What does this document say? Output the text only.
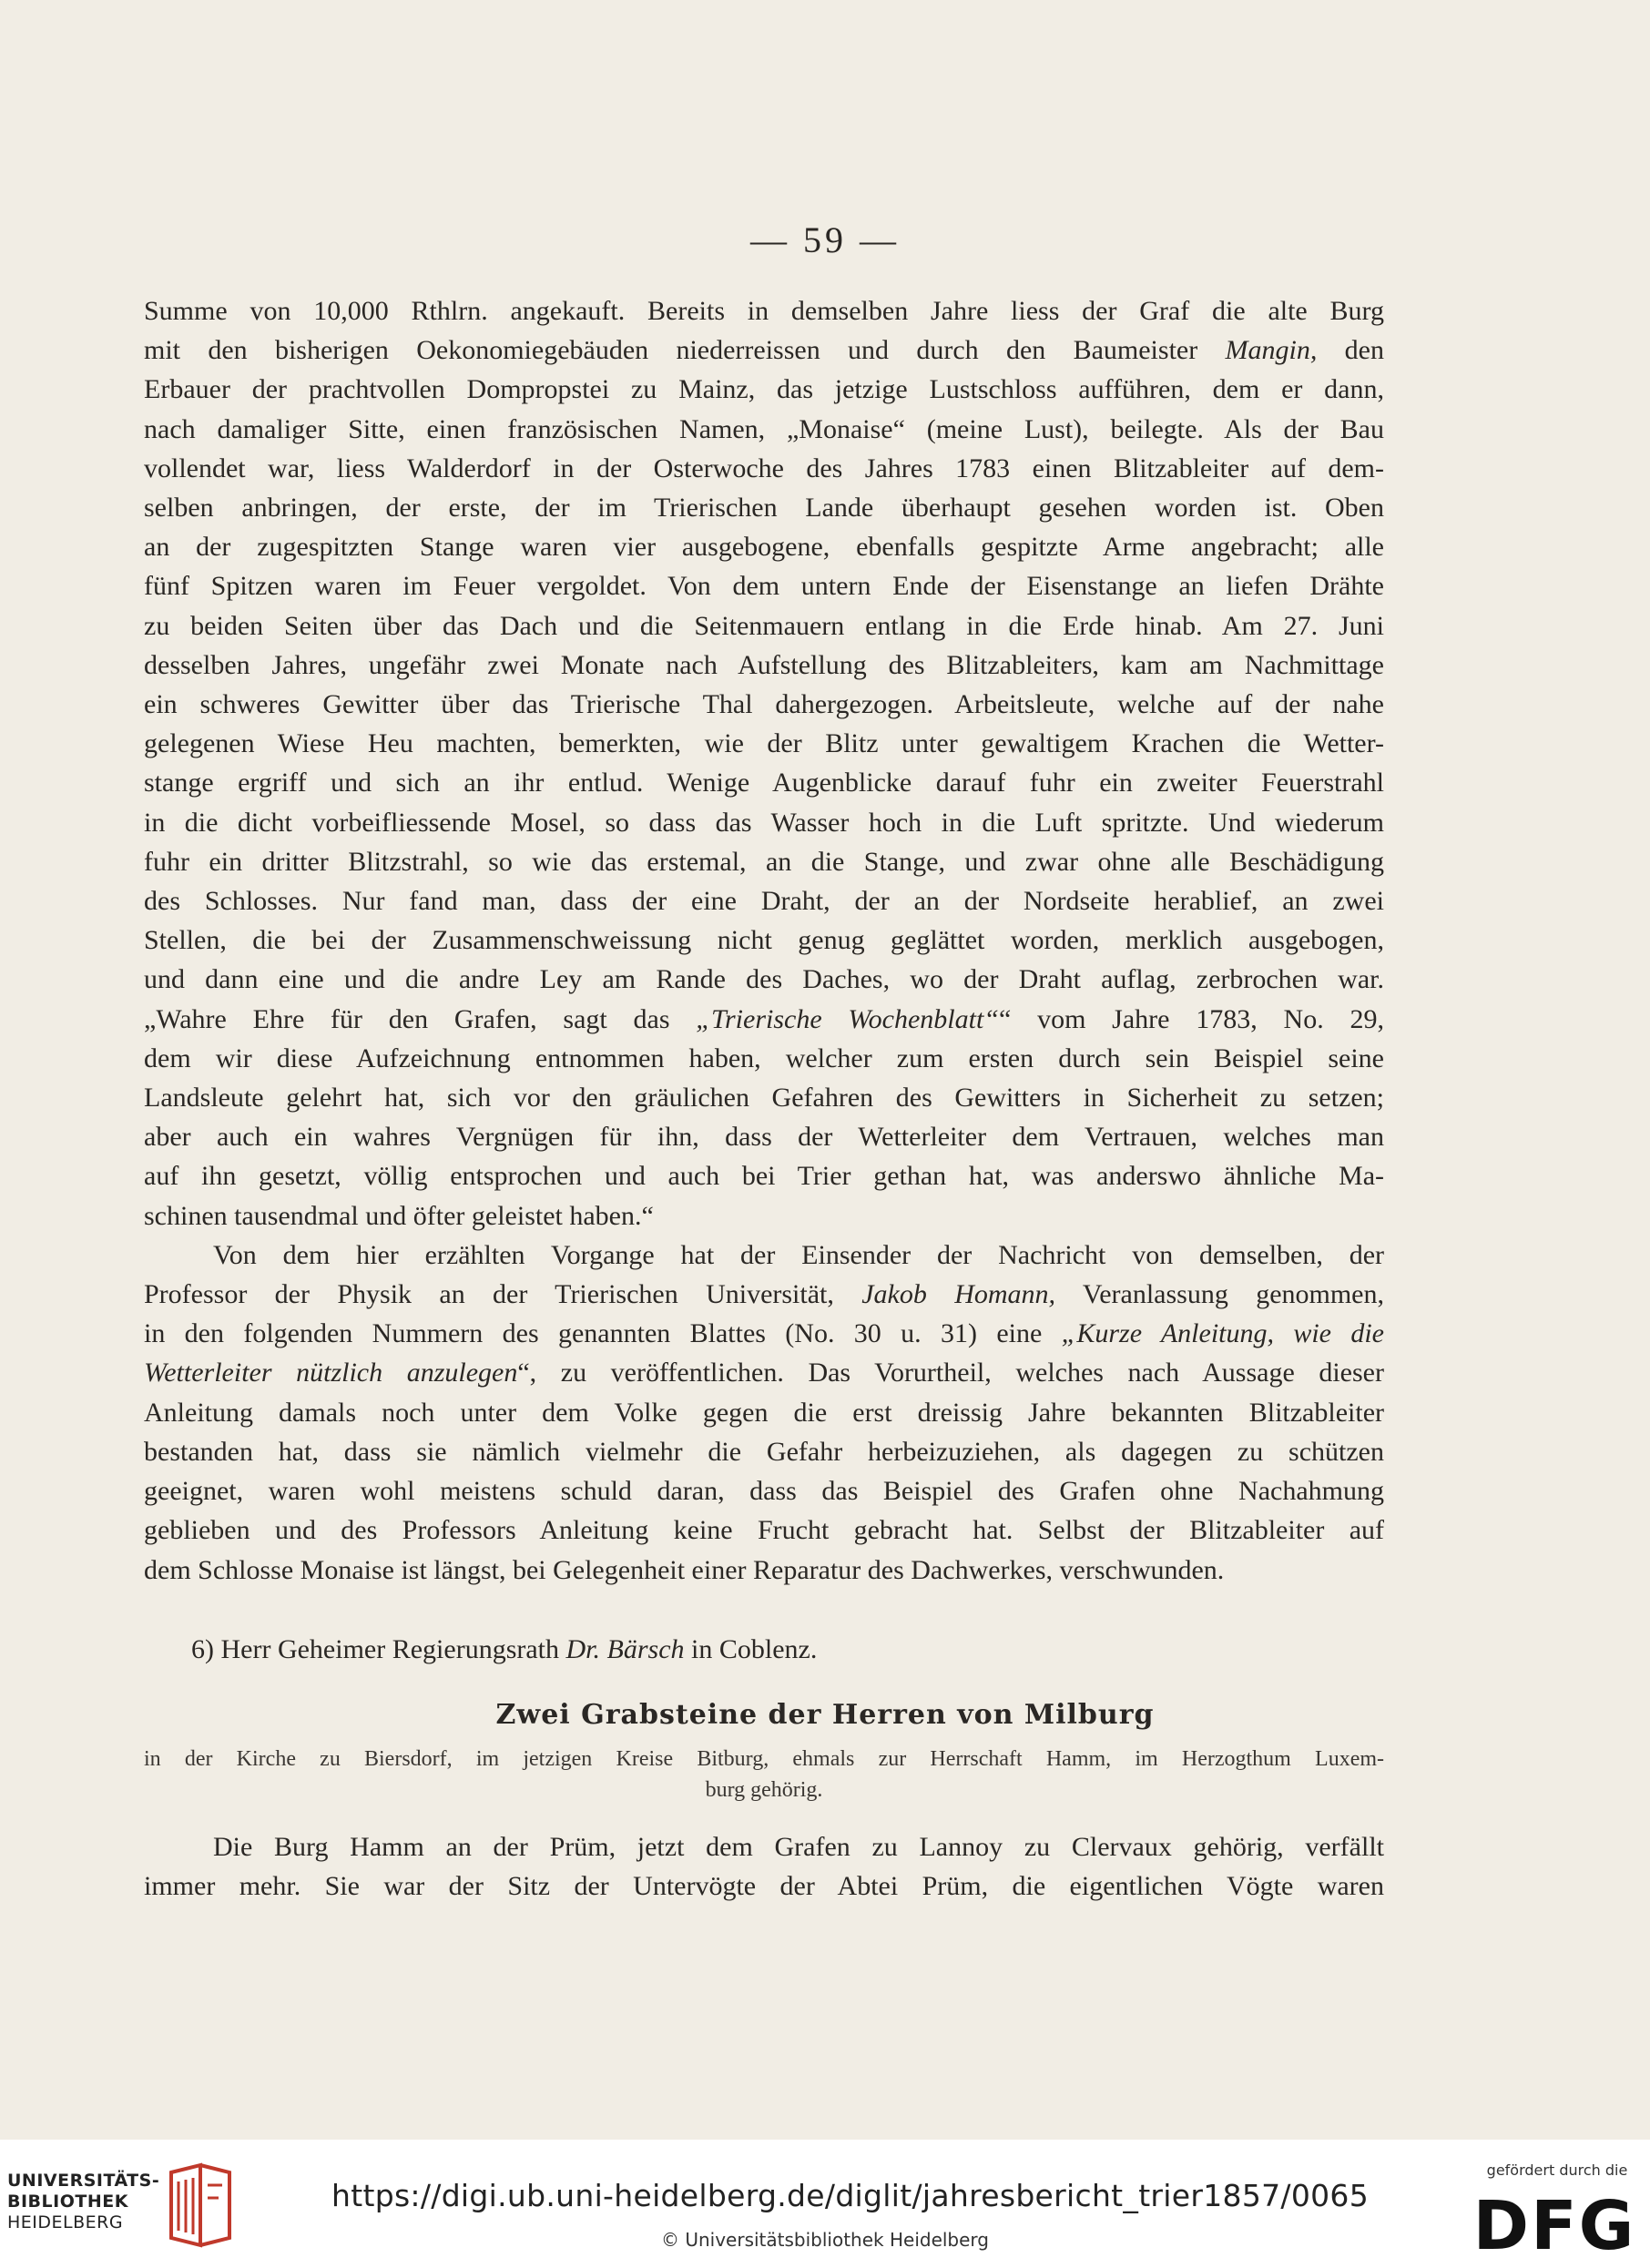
— 59 —
Summe von 10,000 Rthlrn. angekauft. Bereits in demselben Jahre liess der Graf die alte Burg
mit den bisherigen Oekonomiegebäuden niederreissen und durch den Baumeister Mangin, den
Erbauer der prachtvollen Dompropstei zu Mainz, das jetzige Lustschloss aufführen, dem er dann,
nach damaliger Sitte, einen französischen Namen, „Monaise“ (meine Lust), beilegte. Als der Bau
vollendet war, liess Walderdorf in der Osterwoche des Jahres 1783 einen Blitzableiter auf dem-
selben anbringen, der erste, der im Trierischen Lande überhaupt gesehen worden ist. Oben
an der zugespitzten Stange waren vier ausgebogene, ebenfalls gespitzte Arme angebracht; alle
fünf Spitzen waren im Feuer vergoldet. Von dem untern Ende der Eisenstange an liefen Drähte
zu beiden Seiten über das Dach und die Seitenmauern entlang in die Erde hinab. Am 27. Juni
desselben Jahres, ungefähr zwei Monate nach Aufstellung des Blitzableiters, kam am Nachmittage
ein schweres Gewitter über das Trierische Thal dahergezogen. Arbeitsleute, welche auf der nahe
gelegenen Wiese Heu machten, bemerkten, wie der Blitz unter gewaltigem Krachen die Wetter-
stange ergriff und sich an ihr entlud. Wenige Augenblicke darauf fuhr ein zweiter Feuerstrahl
in die dicht vorbeifliessende Mosel, so dass das Wasser hoch in die Luft spritzte. Und wiederum
fuhr ein dritter Blitzstrahl, so wie das erstemal, an die Stange, und zwar ohne alle Beschädigung
des Schlosses. Nur fand man, dass der eine Draht, der an der Nordseite herablief, an zwei
Stellen, die bei der Zusammenschweissung nicht genug geglättet worden, merklich ausgebogen,
und dann eine und die andre Ley am Rande des Daches, wo der Draht auflag, zerbrochen war.
„Wahre Ehre für den Grafen, sagt das „Trierische Wochenblatt““ vom Jahre 1783, No. 29,
dem wir diese Aufzeichnung entnommen haben, welcher zum ersten durch sein Beispiel seine
Landsleute gelehrt hat, sich vor den gräulichen Gefahren des Gewitters in Sicherheit zu setzen;
aber auch ein wahres Vergnügen für ihn, dass der Wetterleiter dem Vertrauen, welches man
auf ihn gesetzt, völlig entsprochen und auch bei Trier gethan hat, was anderswo ähnliche Ma-
schinen tausendmal und öfter geleistet haben.“
Von dem hier erzählten Vorgange hat der Einsender der Nachricht von demselben, der
Professor der Physik an der Trierischen Universität, Jakob Homann, Veranlassung genommen,
in den folgenden Nummern des genannten Blattes (No. 30 u. 31) eine „Kurze Anleitung, wie die
Wetterleiter nützlich anzulegen“, zu veröffentlichen. Das Vorurtheil, welches nach Aussage dieser
Anleitung damals noch unter dem Volke gegen die erst dreissig Jahre bekannten Blitzableiter
bestanden hat, dass sie nämlich vielmehr die Gefahr herbeizuziehen, als dagegen zu schützen
geeignet, waren wohl meistens schuld daran, dass das Beispiel des Grafen ohne Nachahmung
geblieben und des Professors Anleitung keine Frucht gebracht hat. Selbst der Blitzableiter auf
dem Schlosse Monaise ist längst, bei Gelegenheit einer Reparatur des Dachwerkes, verschwunden.
6) Herr Geheimer Regierungsrath Dr. Bärsch in Coblenz.
Zwei Grabsteine der Herren von Milburg
in der Kirche zu Biersdorf, im jetzigen Kreise Bitburg, ehmals zur Herrschaft Hamm, im Herzogthum Luxem-
burg gehörig.
Die Burg Hamm an der Prüm, jetzt dem Grafen zu Lannoy zu Clervaux gehörig, verfällt
immer mehr. Sie war der Sitz der Untervögte der Abtei Prüm, die eigentlichen Vögte waren
UNIVERSITÄTS-
BIBLIOTHEK
HEIDELBERG
https://digi.ub.uni-heidelberg.de/diglit/jahresbericht_trier1857/0065
© Universitätsbibliothek Heidelberg
gefördert durch die
DFG
